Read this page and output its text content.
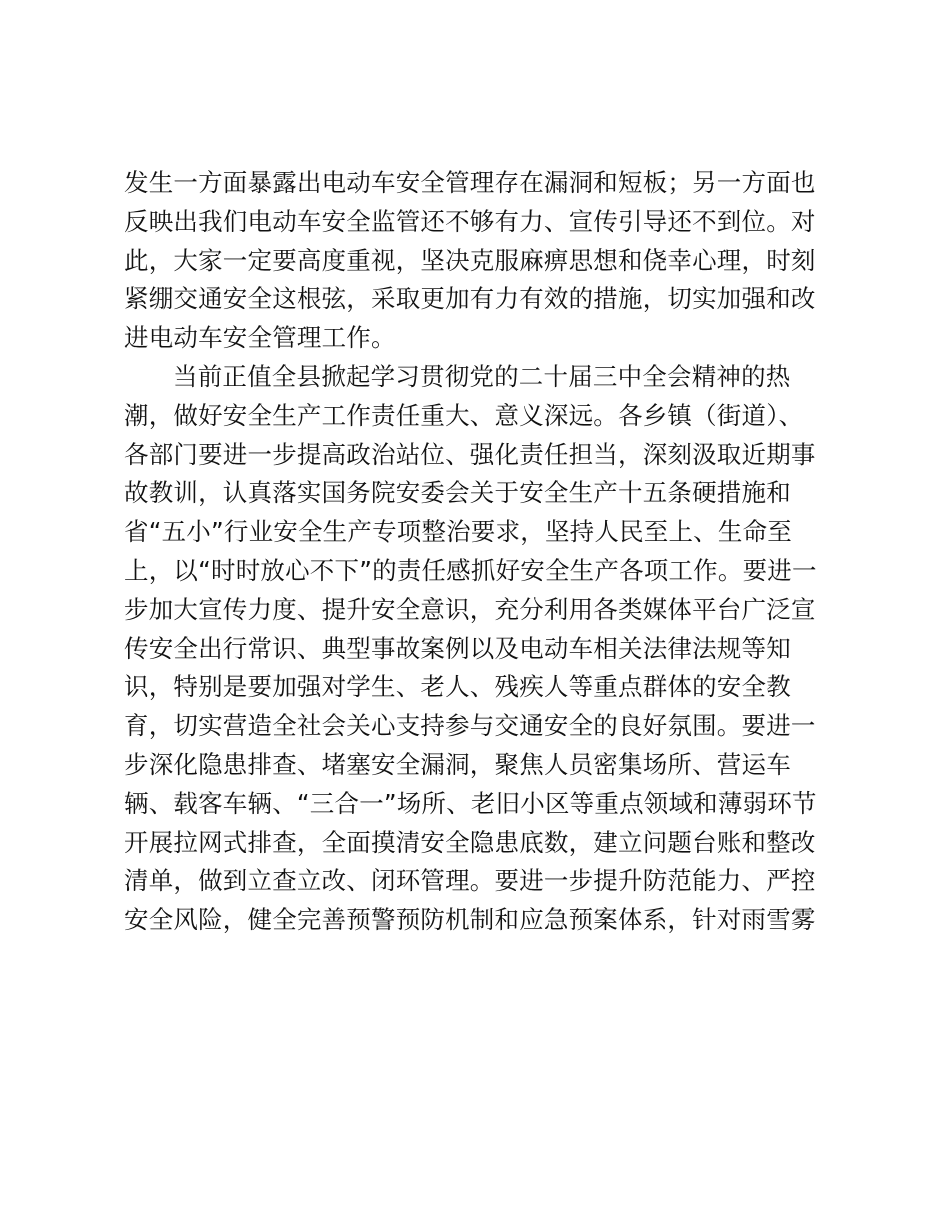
发生一方面暴露出电动车安全管理存在漏洞和短板；另一方面也
反映出我们电动车安全监管还不够有力、宣传引导还不到位。对
此，大家一定要高度重视，坚决克服麻痹思想和侥幸心理，时刻
紧绷交通安全这根弦，采取更加有力有效的措施，切实加强和改
进电动车安全管理工作。
当前正值全县掀起学习贯彻党的二十届三中全会精神的热
潮，做好安全生产工作责任重大、意义深远。各乡镇（街道）、
各部门要进一步提高政治站位、强化责任担当，深刻汲取近期事
故教训，认真落实国务院安委会关于安全生产十五条硬措施和
省“五小”行业安全生产专项整治要求，坚持人民至上、生命至
上，以“时时放心不下”的责任感抓好安全生产各项工作。要进一
步加大宣传力度、提升安全意识，充分利用各类媒体平台广泛宣
传安全出行常识、典型事故案例以及电动车相关法律法规等知
识，特别是要加强对学生、老人、残疾人等重点群体的安全教
育，切实营造全社会关心支持参与交通安全的良好氛围。要进一
步深化隐患排查、堵塞安全漏洞，聚焦人员密集场所、营运车
辆、载客车辆、“三合一”场所、老旧小区等重点领域和薄弱环节
开展拉网式排查，全面摸清安全隐患底数，建立问题台账和整改
清单，做到立查立改、闭环管理。要进一步提升防范能力、严控
安全风险，健全完善预警预防机制和应急预案体系，针对雨雪雾
